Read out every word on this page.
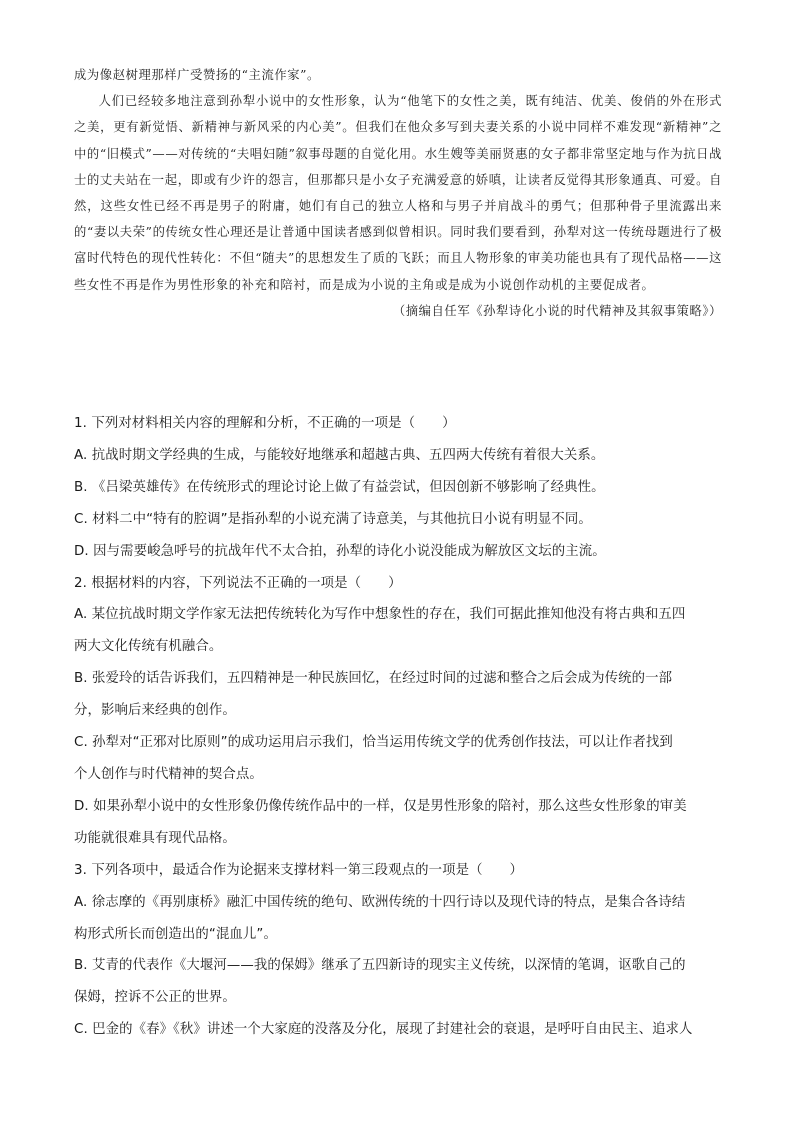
成为像赵树理那样广受赞扬的“主流作家”。

人们已经较多地注意到孙犁小说中的女性形象，认为“他笔下的女性之美，既有纯洁、优美、俊俏的外在形式之美，更有新觉悟、新精神与新风采的内心美”。但我们在他众多写到夫妻关系的小说中同样不难发现“新精神”之中的“旧模式”——对传统的“夫唱妇随”叙事母题的自觉化用。水生嫂等美丽贤惠的女子都非常坚定地与作为抗日战士的丈夫站在一起，即或有少许的怨言，但那都只是小女子充满爱意的娇嗔，让读者反觉得其形象通真、可爱。自然，这些女性已经不再是男子的附庸，她们有自己的独立人格和与男子并肩战斗的勇气；但那种骨子里流露出来的“妻以夫荣”的传统女性心理还是让普通中国读者感到似曾相识。同时我们要看到，孙犁对这一传统母题进行了极富时代特色的现代性转化：不但“随夫”的思想发生了质的飞跃；而且人物形象的审美功能也具有了现代品格——这些女性不再是作为男性形象的补充和陪衬，而是成为小说的主角或是成为小说创作动机的主要促成者。

（摘编自任军《孙犁诗化小说的时代精神及其叙事策略》）

1. 下列对材料相关内容的理解和分析，不正确的一项是（　　）

A. 抗战时期文学经典的生成，与能较好地继承和超越古典、五四两大传统有着很大关系。

B. 《吕梁英雄传》在传统形式的理论讨论上做了有益尝试，但因创新不够影响了经典性。

C. 材料二中“特有的腔调”是指孙犁的小说充满了诗意美，与其他抗日小说有明显不同。

D. 因与需要峻急呼号的抗战年代不太合拍，孙犁的诗化小说没能成为解放区文坛的主流。

2. 根据材料的内容，下列说法不正确的一项是（　　）

A. 某位抗战时期文学作家无法把传统转化为写作中想象性的存在，我们可据此推知他没有将古典和五四

两大文化传统有机融合。

B. 张爱玲的话告诉我们，五四精神是一种民族回忆，在经过时间的过滤和整合之后会成为传统的一部

分，影响后来经典的创作。

C. 孙犁对“正邪对比原则”的成功运用启示我们，恰当运用传统文学的优秀创作技法，可以让作者找到

个人创作与时代精神的契合点。

D. 如果孙犁小说中的女性形象仍像传统作品中的一样，仅是男性形象的陪衬，那么这些女性形象的审美

功能就很难具有现代品格。

3. 下列各项中，最适合作为论据来支撑材料一第三段观点的一项是（　　）

A. 徐志摩的《再别康桥》融汇中国传统的绝句、欧洲传统的十四行诗以及现代诗的特点，是集合各诗结

构形式所长而创造出的“混血儿”。

B. 艾青的代表作《大堰河——我的保姆》继承了五四新诗的现实主义传统，以深情的笔调，讴歌自己的

保姆，控诉不公正的世界。

C. 巴金的《春》《秋》讲述一个大家庭的没落及分化，展现了封建社会的衰退，是呼吁自由民主、追求人
